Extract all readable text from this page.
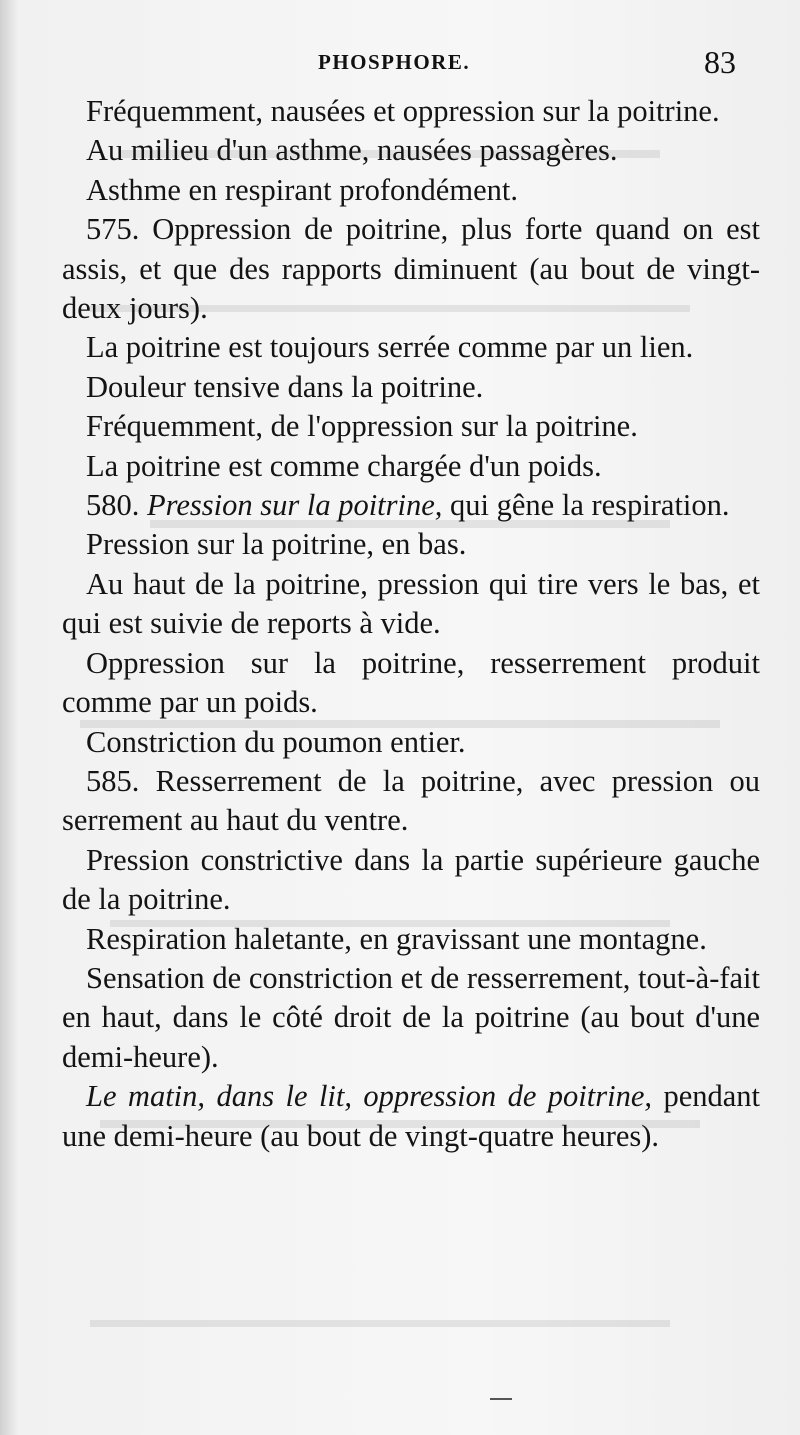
PHOSPHORE.	83

Fréquemment, nausées et oppression sur la poitrine.

Au milieu d'un asthme, nausées passagères.

Asthme en respirant profondément.

575. Oppression de poitrine, plus forte quand on est assis, et que des rapports diminuent (au bout de vingt-deux jours).

La poitrine est toujours serrée comme par un lien.

Douleur tensive dans la poitrine.

Fréquemment, de l'oppression sur la poitrine.

La poitrine est comme chargée d'un poids.

580. Pression sur la poitrine, qui gêne la respiration.

Pression sur la poitrine, en bas.

Au haut de la poitrine, pression qui tire vers le bas, et qui est suivie de reports à vide.

Oppression sur la poitrine, resserrement produit comme par un poids.

Constriction du poumon entier.

585. Resserrement de la poitrine, avec pression ou serrement au haut du ventre.

Pression constrictive dans la partie supérieure gauche de la poitrine.

Respiration haletante, en gravissant une montagne.

Sensation de constriction et de resserrement, tout-à-fait en haut, dans le côté droit de la poitrine (au bout d'une demi-heure).

Le matin, dans le lit, oppression de poitrine, pendant une demi-heure (au bout de vingt-quatre heures).
